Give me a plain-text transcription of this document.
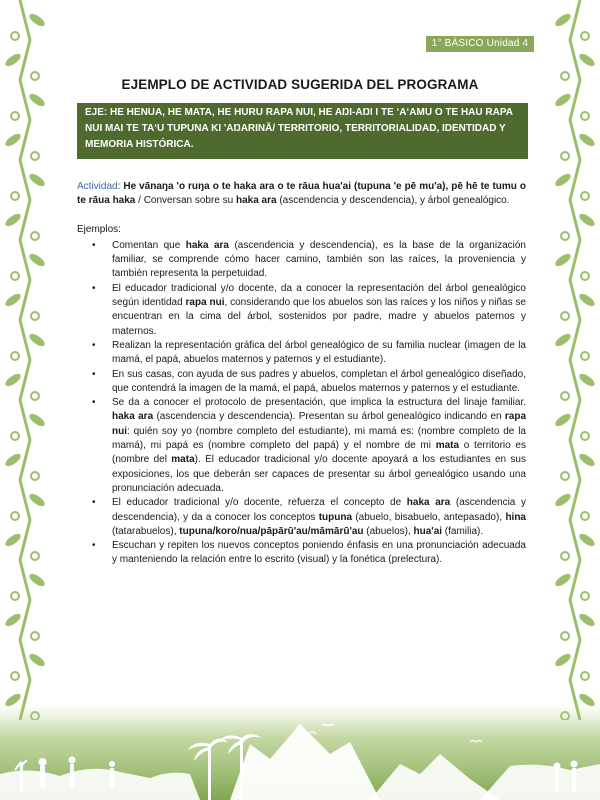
1° BÁSICO Unidad 4
EJEMPLO DE ACTIVIDAD SUGERIDA DEL PROGRAMA
EJE: HE HENUA, HE MATA, HE HURU RAPA NUI, HE AŊI-AŊI I TE ‘A‘AMU O TE HAU RAPA NUI MAI TE TA‘U TUPUNA KI 'AŊARINĀ/ TERRITORIO, TERRITORIALIDAD, IDENTIDAD Y MEMORIA HISTÓRICA.
Actividad: He vānaŋa 'o ruŋa o te haka ara o te rāua hua'ai (tupuna 'e pē mu'a), pē hē te tumu o te rāua haka / Conversan sobre su haka ara (ascendencia y descendencia), y árbol genealógico.
Ejemplos:
• Comentan que haka ara (ascendencia y descendencia), es la base de la organización familiar, se comprende cómo hacer camino, también son las raíces, la proveniencia y también representa la perpetuidad.
• El educador tradicional y/o docente, da a conocer la representación del árbol genealógico según identidad rapa nui, considerando que los abuelos son las raíces y los niños y niñas se encuentran en la cima del árbol, sostenidos por padre, madre y abuelos paternos y maternos.
• Realizan la representación gráfica del árbol genealógico de su familia nuclear (imagen de la mamá, el papá, abuelos maternos y paternos y el estudiante).
• En sus casas, con ayuda de sus padres y abuelos, completan el árbol genealógico diseñado, que contendrá la imagen de la mamá, el papá, abuelos maternos y paternos y el estudiante.
• Se da a conocer el protocolo de presentación, que implica la estructura del linaje familiar. haka ara (ascendencia y descendencia). Presentan su árbol genealógico indicando en rapa nui: quién soy yo (nombre completo del estudiante), mi mamá es: (nombre completo de la mamá), mi papá es (nombre completo del papá) y el nombre de mi mata o territorio es (nombre del mata). El educador tradicional y/o docente apoyará a los estudiantes en sus exposiciones, los que deberán ser capaces de presentar su árbol genealógico usando una pronunciación adecuada.
• El educador tradicional y/o docente, refuerza el concepto de haka ara (ascendencia y descendencia), y da a conocer los conceptos tupuna (abuelo, bisabuelo, antepasado), hina (tatarabuelos), tupuna/koro/nua/pāpārū'au/māmārū'au (abuelos), hua'ai (familia).
• Escuchan y repiten los nuevos conceptos poniendo énfasis en una pronunciación adecuada y manteniendo la relación entre lo escrito (visual) y la fonética (prelectura).
